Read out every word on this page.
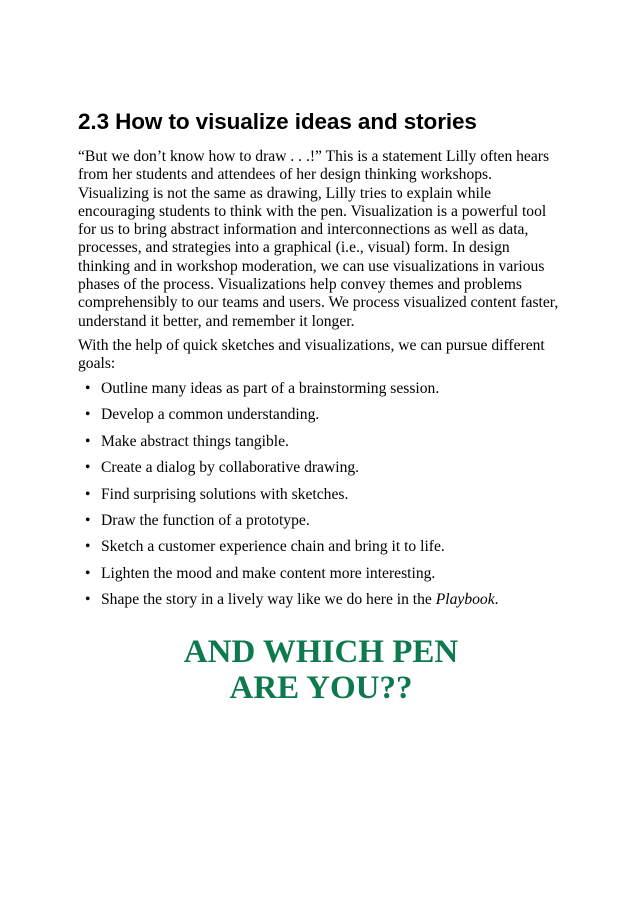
2.3 How to visualize ideas and stories

“But we don’t know how to draw . . .!” This is a statement Lilly often hears from her students and attendees of her design thinking workshops. Visualizing is not the same as drawing, Lilly tries to explain while encouraging students to think with the pen. Visualization is a powerful tool for us to bring abstract information and interconnections as well as data, processes, and strategies into a graphical (i.e., visual) form. In design thinking and in workshop moderation, we can use visualizations in various phases of the process. Visualizations help convey themes and problems comprehensibly to our teams and users. We process visualized content faster, understand it better, and remember it longer.

With the help of quick sketches and visualizations, we can pursue different goals:

• Outline many ideas as part of a brainstorming session.
• Develop a common understanding.
• Make abstract things tangible.
• Create a dialog by collaborative drawing.
• Find surprising solutions with sketches.
• Draw the function of a prototype.
• Sketch a customer experience chain and bring it to life.
• Lighten the mood and make content more interesting.
• Shape the story in a lively way like we do here in the Playbook.
AND WHICH PEN
ARE YOU??
